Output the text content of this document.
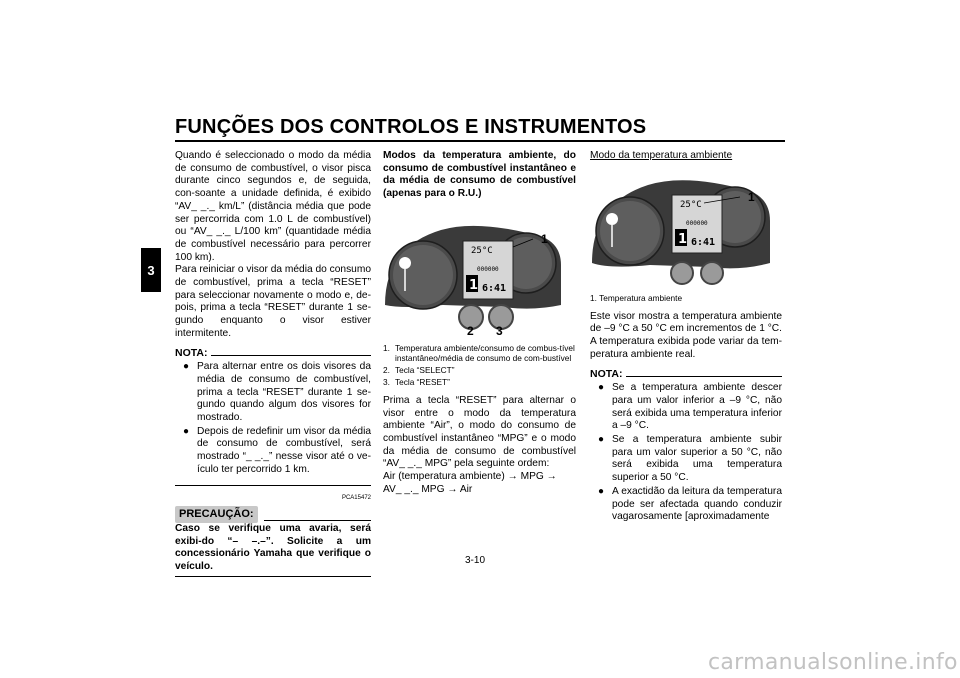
FUNÇÕES DOS CONTROLOS E INSTRUMENTOS
3

Quando é seleccionado o modo da média de consumo de combustível, o visor pisca durante cinco segundos e, de seguida, con-soante a unidade definida, é exibido “AV_ _._ km/L” (distância média que pode ser percorrida com 1.0 L de combustível) ou “AV_ _._ L/100 km” (quantidade média de combustível necessário para percorrer 100 km).

Para reiniciar o visor da média do consumo de combustível, prima a tecla “RESET” para seleccionar novamente o modo e, de-pois, prima a tecla “RESET” durante 1 se-gundo enquanto o visor estiver intermitente.

NOTA:
● Para alternar entre os dois visores da média de consumo de combustível, prima a tecla “RESET” durante 1 se-gundo quando algum dos visores for mostrado.
● Depois de redefinir um visor da média de consumo de combustível, será mostrado “_ _._” nesse visor até o ve-ículo ter percorrido 1 km.
PCA15472
PRECAUÇÃO:

Caso se verifique uma avaria, será exibi-do “– –.–”. Solicite a um concessionário Yamaha que verifique o veículo.

Modos da temperatura ambiente, do consumo de combustível instantâneo e da média de consumo de combustível (apenas para o R.U.)

25°C
000000
1 6:41
1
2 3
1. Temperatura ambiente/consumo de combus-tível instantâneo/média de consumo de com-bustível
2. Tecla “SELECT”
3. Tecla “RESET”

Prima a tecla “RESET” para alternar o visor entre o modo da temperatura ambiente “Air”, o modo do consumo de combustível instantâneo “MPG” e o modo da média de consumo de combustível “AV_ _._ MPG” pela seguinte ordem:

Air (temperatura ambiente) → MPG → AV_ _._ MPG → Air

Modo da temperatura ambiente

25°C
000000
1 6:41
1
1. Temperatura ambiente

Este visor mostra a temperatura ambiente de –9 °C a 50 °C em incrementos de 1 °C. A temperatura exibida pode variar da tem-peratura ambiente real.

NOTA:
● Se a temperatura ambiente descer para um valor inferior a –9 °C, não será exibida uma temperatura inferior a –9 °C.
● Se a temperatura ambiente subir para um valor superior a 50 °C, não será exibida uma temperatura superior a 50 °C.
● A exactidão da leitura da temperatura pode ser afectada quando conduzir vagarosamente [aproximadamente
3-10
carmanualsonline.info
